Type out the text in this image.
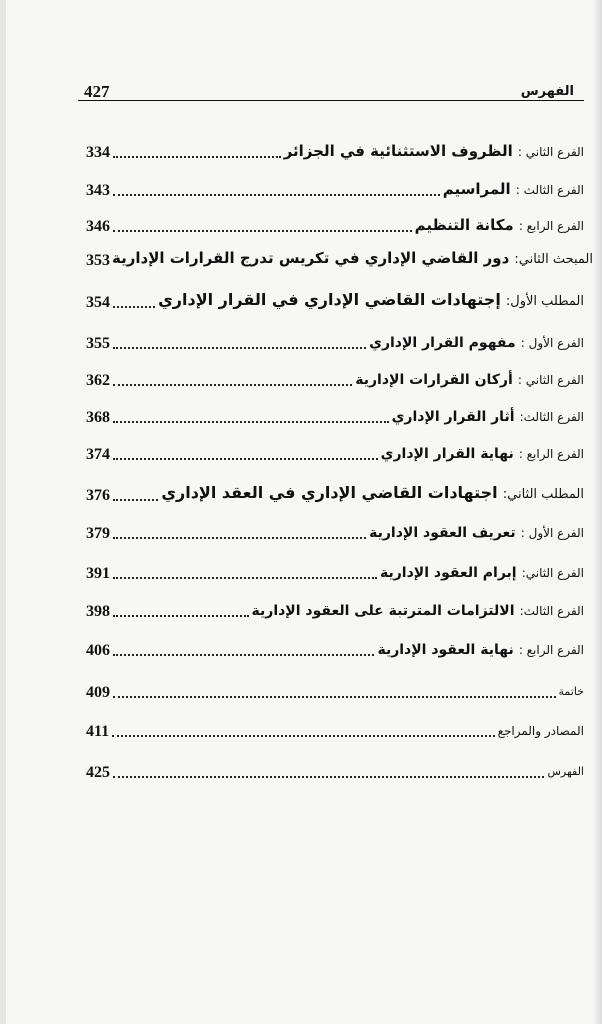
427	الفهرس
334	الفرع الثاني : الظروف الاستثنائية في الجزائر
343	الفرع الثالث : المراسيم
346	الفرع الرابع : مكانة التنظيم
353	المبحث الثاني: دور القاضي الإداري في تكريس تدرج القرارات الإدارية
354	المطلب الأول: إجتهادات القاضي الإداري في القرار الإداري
355	الفرع الأول : مفهوم القرار الإداري
362	الفرع الثاني : أركان القرارات الإدارية
368	الفرع الثالث: أثار القرار الإداري
374	الفرع الرابع : نهاية القرار الإداري
376	المطلب الثاني: اجتهادات القاضي الإداري في العقد الإداري
379	الفرع الأول : تعريف العقود الإدارية
391	الفرع الثاني: إبرام العقود الإدارية
398	الفرع الثالث: الالتزامات المترتبة على العقود الإدارية
406	الفرع الرابع : نهاية العقود الإدارية
409	خاتمة
411	المصادر والمراجع
425	الفهرس
